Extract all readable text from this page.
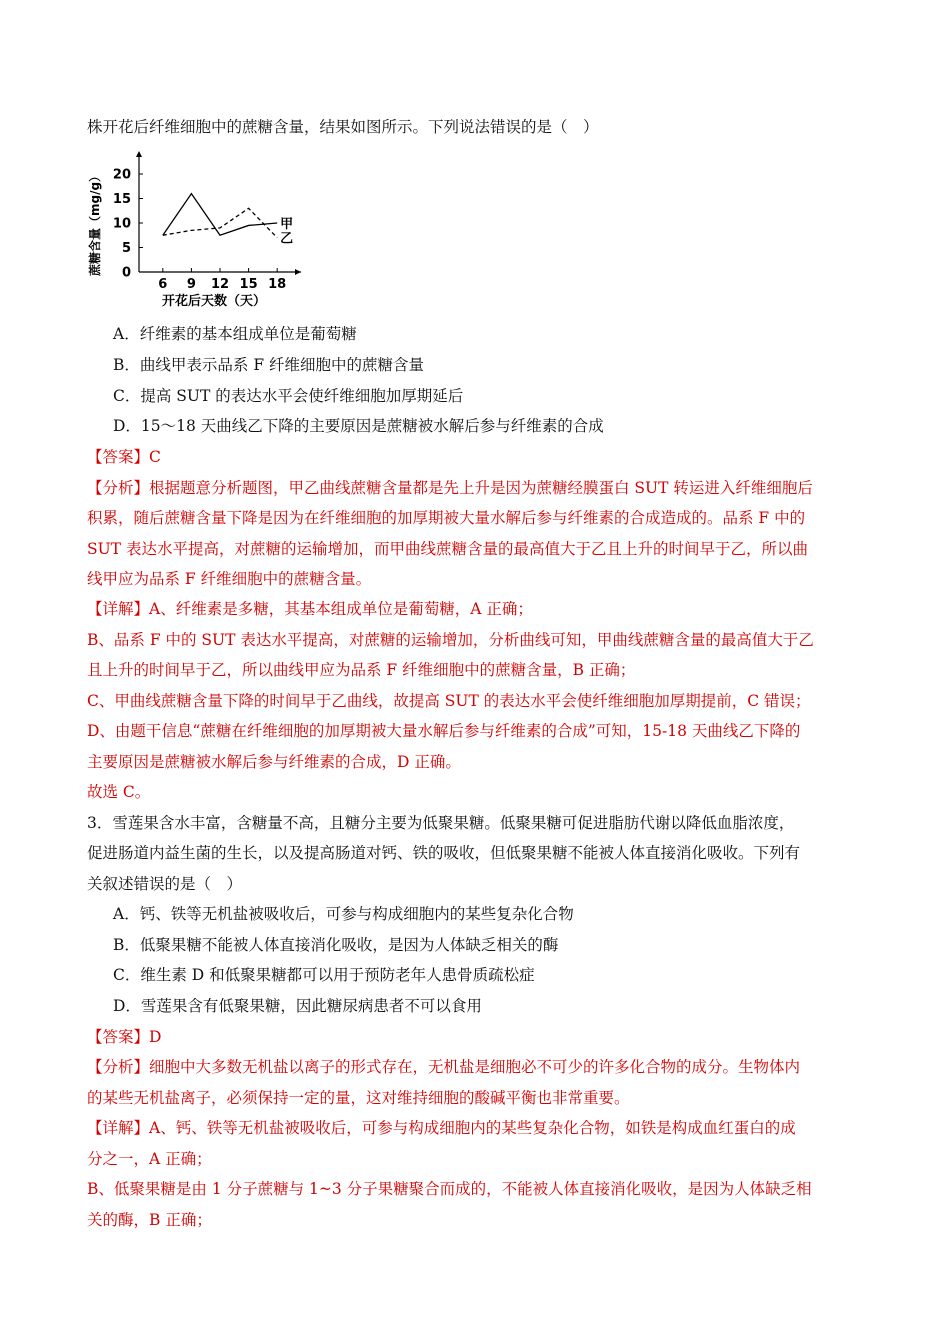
株开花后纤维细胞中的蔗糖含量，结果如图所示。下列说法错误的是（　）
0
5
10
15
20
6 9 12 15 18
甲
乙
蔗糖含量（mg/g）
开花后天数（天）
A．纤维素的基本组成单位是葡萄糖
B．曲线甲表示品系 F 纤维细胞中的蔗糖含量
C．提高 SUT 的表达水平会使纤维细胞加厚期延后
D．15～18 天曲线乙下降的主要原因是蔗糖被水解后参与纤维素的合成
【答案】C
【分析】根据题意分析题图，甲乙曲线蔗糖含量都是先上升是因为蔗糖经膜蛋白 SUT 转运进入纤维细胞后
积累，随后蔗糖含量下降是因为在纤维细胞的加厚期被大量水解后参与纤维素的合成造成的。品系 F 中的
SUT 表达水平提高，对蔗糖的运输增加，而甲曲线蔗糖含量的最高值大于乙且上升的时间早于乙，所以曲
线甲应为品系 F 纤维细胞中的蔗糖含量。
【详解】A、纤维素是多糖，其基本组成单位是葡萄糖，A 正确；
B、品系 F 中的 SUT 表达水平提高，对蔗糖的运输增加，分析曲线可知，甲曲线蔗糖含量的最高值大于乙
且上升的时间早于乙，所以曲线甲应为品系 F 纤维细胞中的蔗糖含量，B 正确；
C、甲曲线蔗糖含量下降的时间早于乙曲线，故提高 SUT 的表达水平会使纤维细胞加厚期提前，C 错误；
D、由题干信息“蔗糖在纤维细胞的加厚期被大量水解后参与纤维素的合成”可知，15-18 天曲线乙下降的
主要原因是蔗糖被水解后参与纤维素的合成，D 正确。
故选 C。
3．雪莲果含水丰富，含糖量不高，且糖分主要为低聚果糖。低聚果糖可促进脂肪代谢以降低血脂浓度，
促进肠道内益生菌的生长，以及提高肠道对钙、铁的吸收，但低聚果糖不能被人体直接消化吸收。下列有
关叙述错误的是（　）
A．钙、铁等无机盐被吸收后，可参与构成细胞内的某些复杂化合物
B．低聚果糖不能被人体直接消化吸收，是因为人体缺乏相关的酶
C．维生素 D 和低聚果糖都可以用于预防老年人患骨质疏松症
D．雪莲果含有低聚果糖，因此糖尿病患者不可以食用
【答案】D
【分析】细胞中大多数无机盐以离子的形式存在，无机盐是细胞必不可少的许多化合物的成分。生物体内
的某些无机盐离子，必须保持一定的量，这对维持细胞的酸碱平衡也非常重要。
【详解】A、钙、铁等无机盐被吸收后，可参与构成细胞内的某些复杂化合物，如铁是构成血红蛋白的成
分之一，A 正确；
B、低聚果糖是由 1 分子蔗糖与 1~3 分子果糖聚合而成的，不能被人体直接消化吸收，是因为人体缺乏相
关的酶，B 正确；
